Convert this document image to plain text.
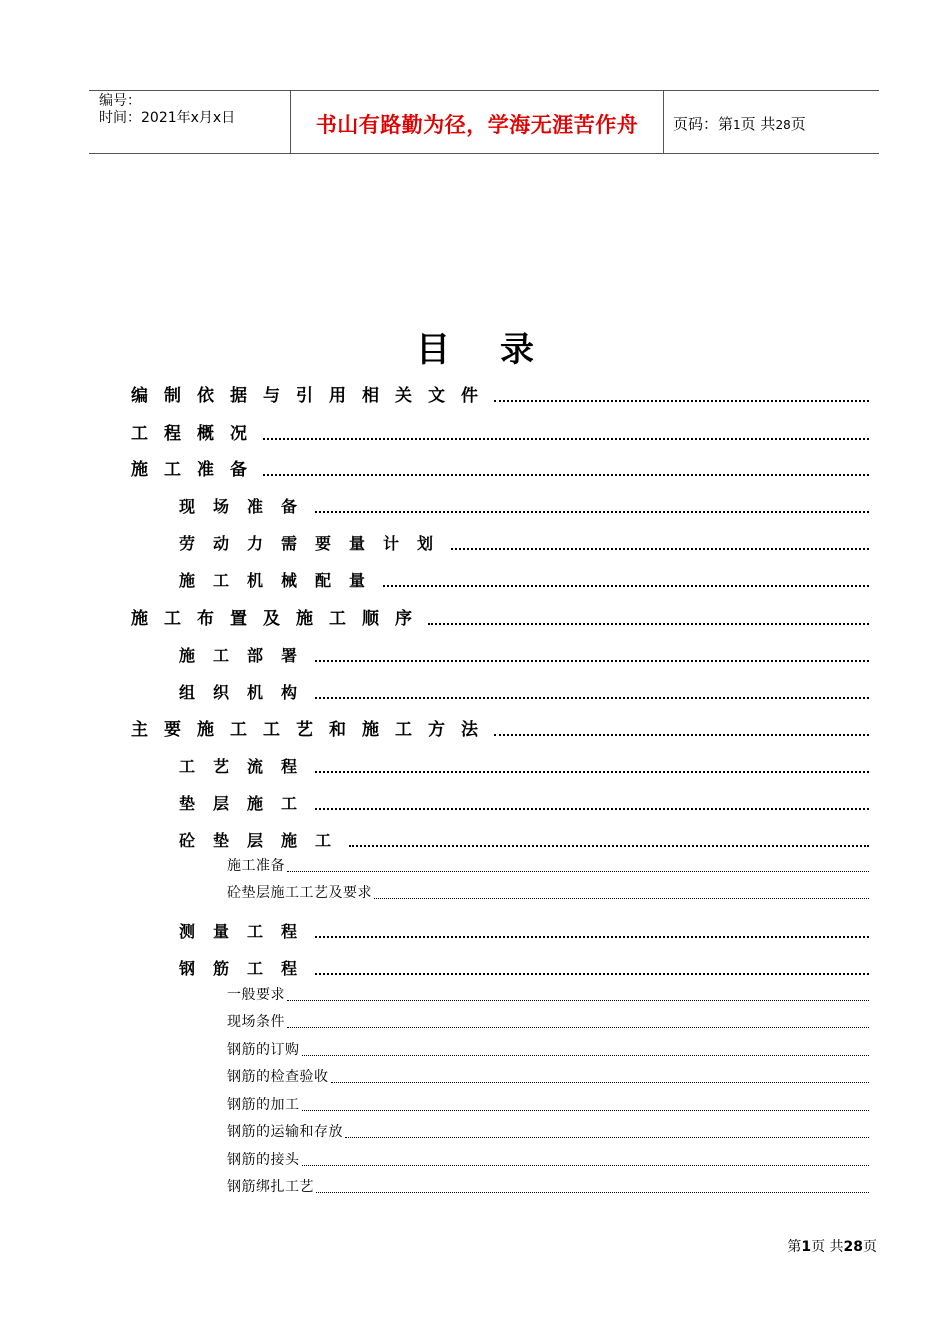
编号：
时间：2021年x月x日	书山有路勤为径，学海无涯苦作舟	页码：第1页 共28页
目录
编制依据与引用相关文件
工程概况
施工准备
现场准备
劳动力需要量计划
施工机械配量
施工布置及施工顺序
施工部署
组织机构
主要施工工艺和施工方法
工艺流程
垫层施工
砼垫层施工
施工准备
砼垫层施工工艺及要求
测量工程
钢筋工程
一般要求
现场条件
钢筋的订购
钢筋的检查验收
钢筋的加工
钢筋的运输和存放
钢筋的接头
钢筋绑扎工艺
第1页 共28页
